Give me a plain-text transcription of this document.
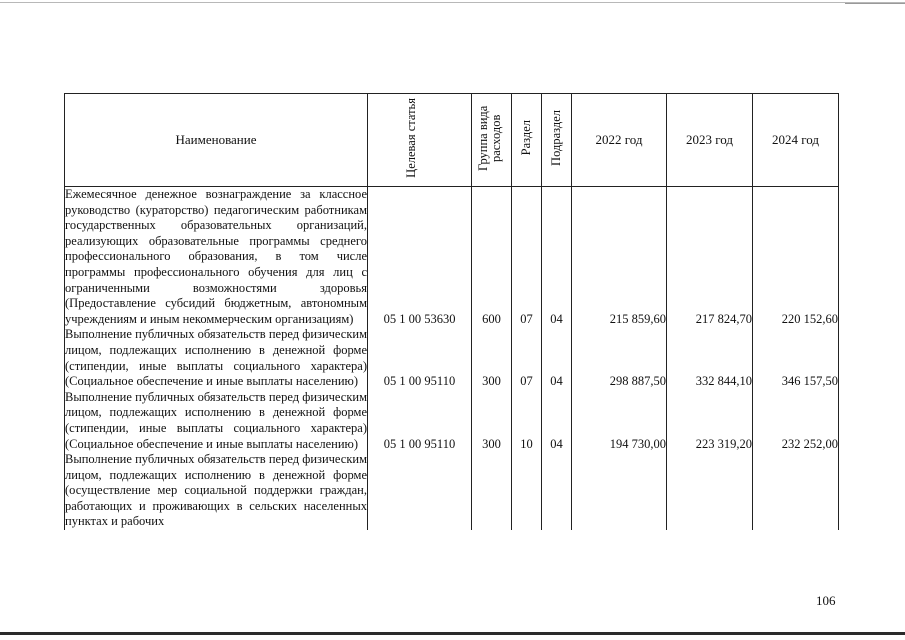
Наименование	Целевая статья	Группа вида расходов	Раздел	Подраздел	2022 год	2023 год	2024 год
Ежемесячное денежное вознаграждение за классное руководство (кураторство) педагогическим работникам государственных образовательных организаций, реализующих образовательные программы среднего профессионального образования, в том числе программы профессионального обучения для лиц с ограниченными возможностями здоровья (Предоставление субсидий бюджетным, автономным учреждениям и иным некоммерческим организациям)	05 1 00 53630	600	07	04	215 859,60	217 824,70	220 152,60
Выполнение публичных обязательств перед физическим лицом, подлежащих исполнению в денежной форме (стипендии, иные выплаты социального характера) (Социальное обеспечение и иные выплаты населению)	05 1 00 95110	300	07	04	298 887,50	332 844,10	346 157,50
Выполнение публичных обязательств перед физическим лицом, подлежащих исполнению в денежной форме (стипендии, иные выплаты социального характера) (Социальное обеспечение и иные выплаты населению)	05 1 00 95110	300	10	04	194 730,00	223 319,20	232 252,00
Выполнение публичных обязательств перед физическим лицом, подлежащих исполнению в денежной форме (осуществление мер социальной поддержки граждан, работающих и проживающих в сельских населенных пунктах и рабочих							
106
